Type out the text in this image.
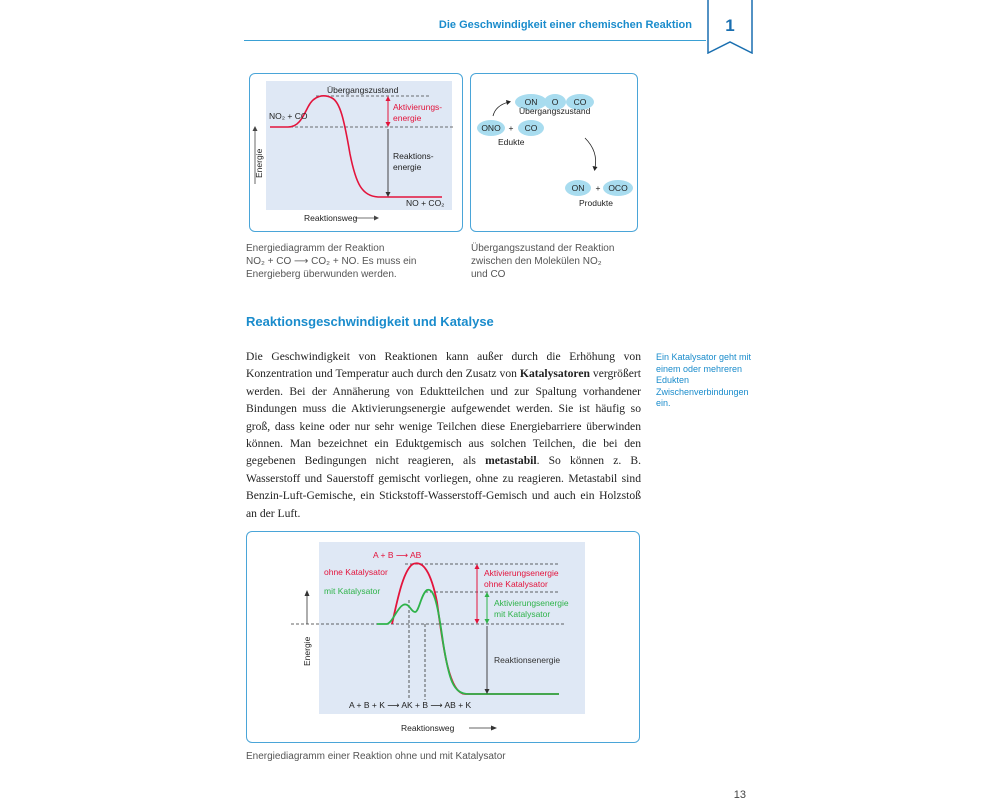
Die Geschwindigkeit einer chemischen Reaktion	1
Übergangszustand
NO₂ + CO
Aktivierungs-
energie
Reaktions-
energie
NO + CO₂
Energie
Reaktionsweg
Energiediagramm der Reaktion
NO₂ + CO ⟶ CO₂ + NO. Es muss ein
Energieberg überwunden werden.
ON O CO
Übergangszustand
ONO + CO
Edukte
ON + OCO
Produkte
Übergangszustand der Reaktion
zwischen den Molekülen NO₂
und CO
Reaktionsgeschwindigkeit und Katalyse
Die Geschwindigkeit von Reaktionen kann außer durch die Erhöhung von Konzentration und Temperatur auch durch den Zusatz von Katalysatoren vergrößert werden. Bei der Annäherung von Eduktteilchen und zur Spaltung vorhandener Bindungen muss die Aktivierungsenergie aufgewendet werden. Sie ist häufig so groß, dass keine oder nur sehr wenige Teilchen diese Energiebarriere überwinden können. Man bezeichnet ein Eduktgemisch aus solchen Teilchen, die bei den gegebenen Bedingungen nicht reagieren, als metastabil. So können z. B. Wasserstoff und Sauerstoff gemischt vorliegen, ohne zu reagieren. Metastabil sind Benzin-Luft-Gemische, ein Stickstoff-Wasserstoff-Gemisch und auch ein Holzstoß an der Luft.
Ein Katalysator geht mit einem oder mehreren Edukten Zwischenverbindungen ein.
A + B ⟶ AB
ohne Katalysator
mit Katalysator
Aktivierungsenergie
ohne Katalysator
Aktivierungsenergie
mit Katalysator
Reaktionsenergie
A + B + K ⟶ AK + B ⟶ AB + K
Energie
Reaktionsweg
Energiediagramm einer Reaktion ohne und mit Katalysator
13
